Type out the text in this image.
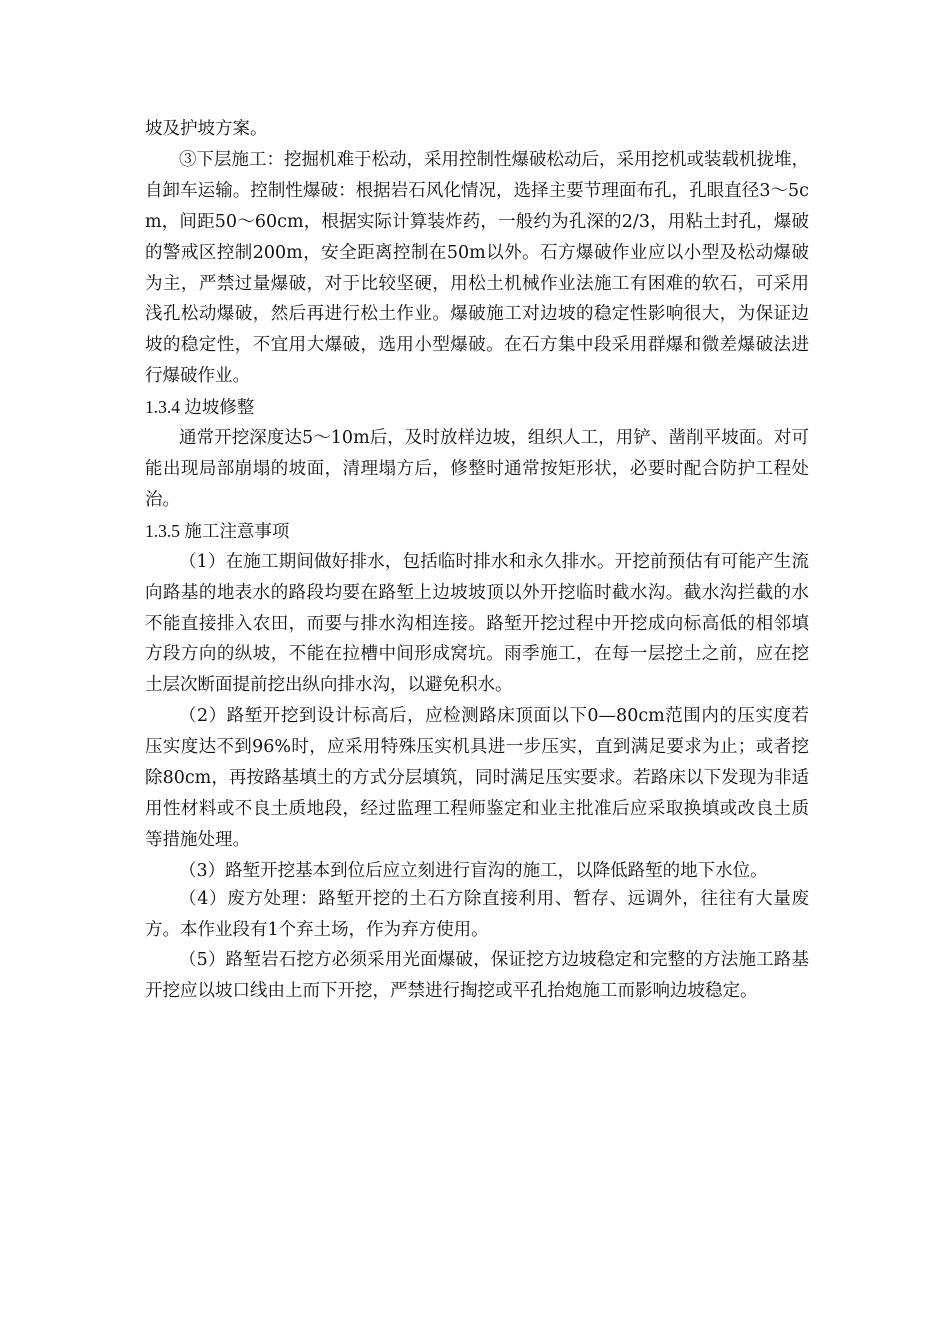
坡及护坡方案。

③下层施工：挖掘机难于松动，采用控制性爆破松动后，采用挖机或装载机拢堆，自卸车运输。控制性爆破：根据岩石风化情况，选择主要节理面布孔，孔眼直径3～5cm，间距50～60cm，根据实际计算装炸药，一般约为孔深的2/3，用粘土封孔，爆破的警戒区控制200m，安全距离控制在50m以外。石方爆破作业应以小型及松动爆破为主，严禁过量爆破，对于比较坚硬，用松土机械作业法施工有困难的软石，可采用浅孔松动爆破，然后再进行松土作业。爆破施工对边坡的稳定性影响很大，为保证边坡的稳定性，不宜用大爆破，选用小型爆破。在石方集中段采用群爆和微差爆破法进行爆破作业。

1.3.4 边坡修整

通常开挖深度达5～10m后，及时放样边坡，组织人工，用铲、凿削平坡面。对可能出现局部崩塌的坡面，清理塌方后，修整时通常按矩形状，必要时配合防护工程处治。

1.3.5 施工注意事项

（1）在施工期间做好排水，包括临时排水和永久排水。开挖前预估有可能产生流向路基的地表水的路段均要在路堑上边坡坡顶以外开挖临时截水沟。截水沟拦截的水不能直接排入农田，而要与排水沟相连接。路堑开挖过程中开挖成向标高低的相邻填方段方向的纵坡，不能在拉槽中间形成窝坑。雨季施工，在每一层挖土之前，应在挖土层次断面提前挖出纵向排水沟，以避免积水。

（2）路堑开挖到设计标高后，应检测路床顶面以下0—80cm范围内的压实度若压实度达不到96%时，应采用特殊压实机具进一步压实，直到满足要求为止；或者挖除80cm，再按路基填土的方式分层填筑，同时满足压实要求。若路床以下发现为非适用性材料或不良土质地段，经过监理工程师鉴定和业主批准后应采取换填或改良土质等措施处理。

（3）路堑开挖基本到位后应立刻进行盲沟的施工，以降低路堑的地下水位。

（4）废方处理：路堑开挖的土石方除直接利用、暂存、远调外，往往有大量废方。本作业段有1个弃土场，作为弃方使用。

（5）路堑岩石挖方必须采用光面爆破，保证挖方边坡稳定和完整的方法施工路基开挖应以坡口线由上而下开挖，严禁进行掏挖或平孔抬炮施工而影响边坡稳定。
